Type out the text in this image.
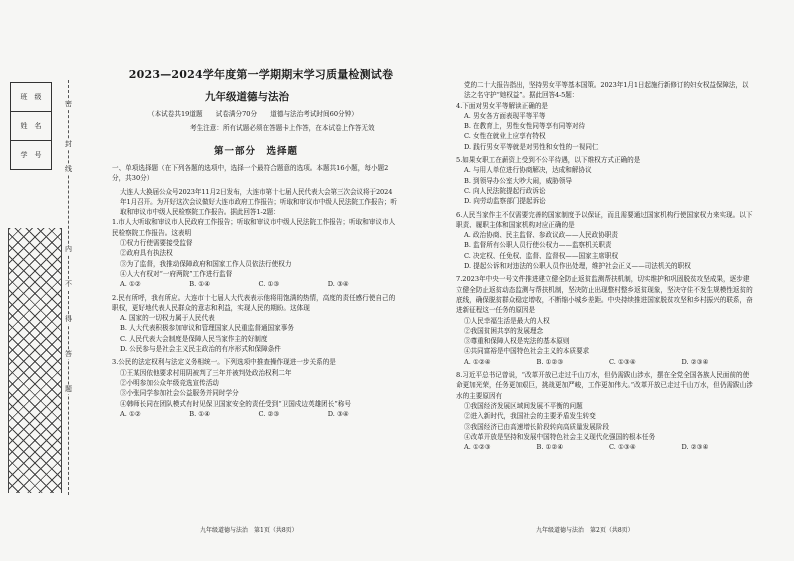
班　级
姓　名
学　号
密
封
线
内
不
得
答
题
2023—2024学年度第一学期期末学习质量检测试卷
九年级道德与法治
（本试卷共19道题　　试卷满分70分　　道德与法治考试时间60分钟）
考生注意：所有试题必须在答题卡上作答，在本试卷上作答无效
第一部分　选择题

一、单项选择题（在下列各题的选项中，选择一个最符合题意的选项。本题共16小题，每小题2分，共30分）

大连人大换届公众号2023年11月2日发布，大连市第十七届人民代表大会第三次会议将于2024年1月召开。为开好这次会议做好大连市政府工作报告；听取和审议市中级人民法院工作报告；听取和审议市中级人民检察院工作报告。据此回答1-2题：

1.市人大听取和审议市人民政府工作报告；听取和审议市中级人民法院工作报告；听取和审议市人民检察院工作报告。这表明

①权力行使需要接受监督

②政府具有执法权

③为了监督，我推动保障政府和国家工作人员依法行使权力

④人大有权对“一府两院”工作进行监督

A. ①②	B. ①④	C. ①③	D. ③④

2.民有所呼，我有所应。大连市十七届人大代表表示他将用饱满的热情，高度的责任感行使自己的职权，更好地代表人民群众的意志和利益，实现人民的期盼。这体现

A. 国家的一切权力属于人民代表

B. 人大代表积极参加审议和管理国家人民重监督通国家事务

C. 人民代表大会制度是保障人民当家作主的好制度

D. 公民参与是社会主义民主政治的有序形式和保障条件

3.公民的法定权利与法定义务相统一。下列选项中推查操作现进一步关系的是

①王某因依他要求村用阴被判了三年并被判处政治权利二年

②小明参加公众年级竞选宣传活动

③小张同学参加社会公益服务并同时学分

④韩师长同在团队模式有时见保卫国家安全的责任受到“卫国戍边英雄团长”称号

A. ①②	B. ①④	C. ②③	D. ③④

党的二十大报告指出，坚持男女平等基本国策。2023年1月1日起施行新修订的妇女权益保障法，以法之名守护“她权益”。据此回答4-5题：

4.下面对男女平等解读正确的是

A. 男女各方面表现平等平等

B. 在教育上，男性女性同等享有同等对待

C. 女性在就业上应享有特权

D. 践行男女平等就是对男性和女性的一视同仁

5.如果女职工在薪资上受到不公平待遇，以下维权方式正确的是

A. 与用人单位进行协商解决，达成和解协议

B. 到领导办公室大吵大闹，威胁领导

C. 向人民法院提起行政诉讼

D. 向劳动监察部门提起诉讼

6.人民当家作主不仅需要完善的国家制度予以保证，而且需要通过国家机构行使国家权力来实现。以下职责、履职主体和国家机构对应正确的是

A. 政治协商、民主监督、参政议政——人民政协职责

B. 监督所有公职人员行使公权力——监察机关职责

C. 决定权、任免权、监督、监督权——国家主席职权

D. 提起公诉和对违法的公职人员作出处理，维护社会正义——司法机关的职权

7.2023年中央一号文件推进建立健全防止返贫监测帮扶机制，切实维护和巩固脱贫攻坚成果，逐步建立健全防止返贫动态监测与帮扶机制，坚决防止出现整村整乡返贫现象，坚决守住不发生规模性返贫的底线，确保脱贫群众稳定增收，不断缩小城乡差距。中央持续推进国家脱贫攻坚和乡村振兴的联系，奋进新征程这一任务的原因是

①人民幸福生活是最大的人权

②我国贫困共享的发展理念

③尊重和保障人权是宪法的基本原则

④共同富裕是中国特色社会主义的本质要求

A. ①②④	B. ①②③	C. ①③④	D. ②③④

8.习近平总书记曾说，“改革开放已走过千山万水，但仍需跋山涉水，摆在全党全国各族人民面前的使命更加光荣，任务更加艰巨，挑战更加严峻，工作更加伟大。”改革开放已走过千山万水，但仍需跋山涉水的主要原因有

①我国经济发展区域间发展不平衡的问题

②进入新时代，我国社会的主要矛盾发生转变

③我国经济已由高速增长阶段转向高质量发展阶段

④改革开放是坚持和发展中国特色社会主义现代化强国的根本任务

A. ①②③	B. ①②④	C. ①③④	D. ②③④
九年级道德与法治　第1页（共8页）	九年级道德与法治　第2页（共8页）
